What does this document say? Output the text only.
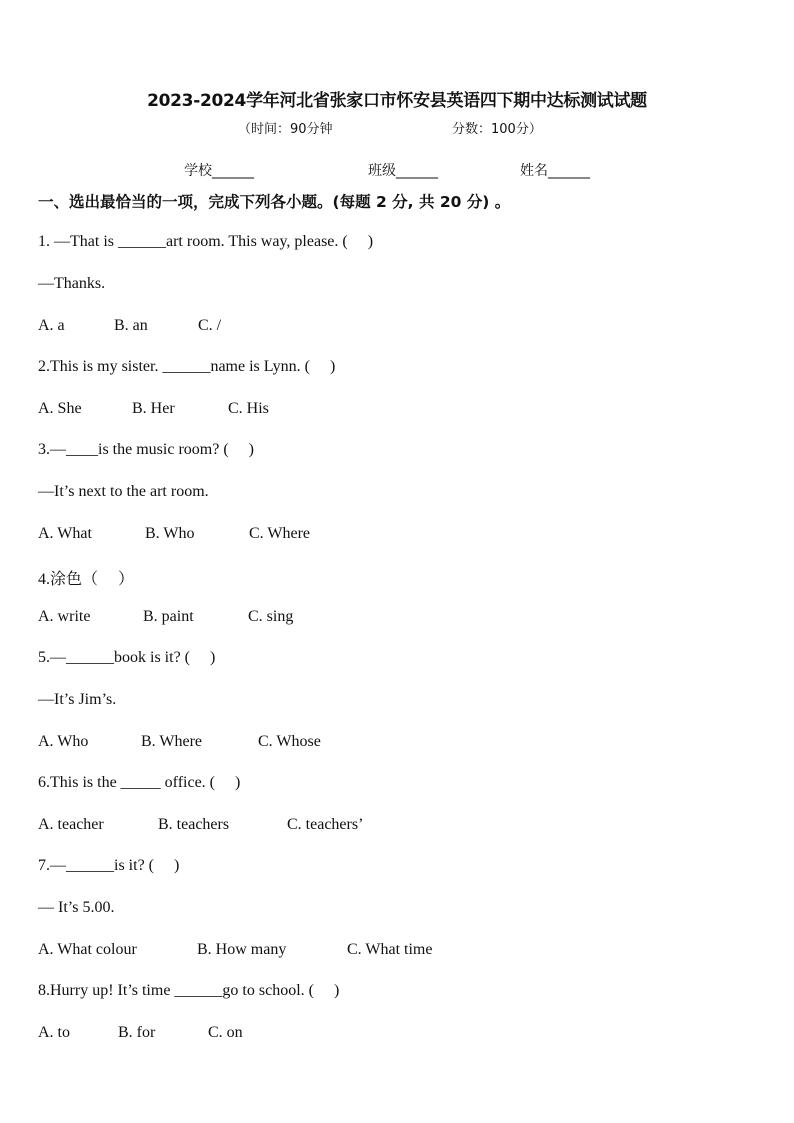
2023-2024学年河北省张家口市怀安县英语四下期中达标测试试题
（时间：90分钟	分数：100分）
学校______	班级______	姓名______
一、选出最恰当的一项，完成下列各小题。(每题 2 分, 共 20 分) 。
1. —That is ______art room. This way, please. (     )
—Thanks.
A. a	B. an	C. /
2.This is my sister. ______name is Lynn. (     )
A. She	B. Her	C. His
3.—____is the music room? (     )
—It’s next to the art room.
A. What	B. Who	C. Where
4.涂色（     ）
A. write	B. paint	C. sing
5.—______book is it? (     )
—It’s Jim’s.
A. Who	B. Where	C. Whose
6.This is the _____ office. (     )
A. teacher	B. teachers	C. teachers’
7.—______is it? (     )
— It’s 5.00.
A. What colour	B. How many	C. What time
8.Hurry up! It’s time ______go to school. (     )
A. to	B. for	C. on
